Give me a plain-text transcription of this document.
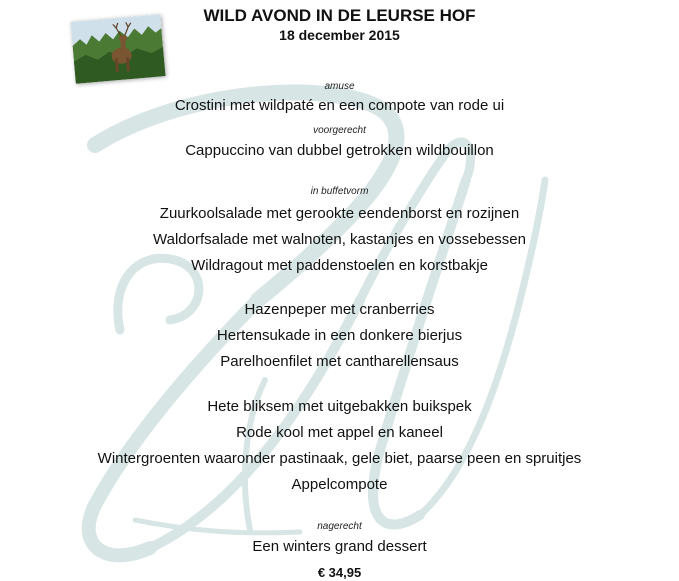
WILD AVOND IN DE LEURSE HOF
18 december 2015
amuse
Crostini met wildpaté en een compote van rode ui
voorgerecht
Cappuccino van dubbel getrokken wildbouillon
in buffetvorm
Zuurkoolsalade met gerookte eendenborst en rozijnen
Waldorfsalade met walnoten, kastanjes en vossebessen
Wildragout met paddenstoelen en korstbakje
Hazenpeper met cranberries
Hertensukade in een donkere bierjus
Parelhoenfilet met cantharellensaus
Hete bliksem met uitgebakken buikspek
Rode kool met appel en kaneel
Wintergroenten waaronder pastinaak, gele biet, paarse peen en spruitjes
Appelcompote
nagerecht
Een winters grand dessert
€ 34,95
